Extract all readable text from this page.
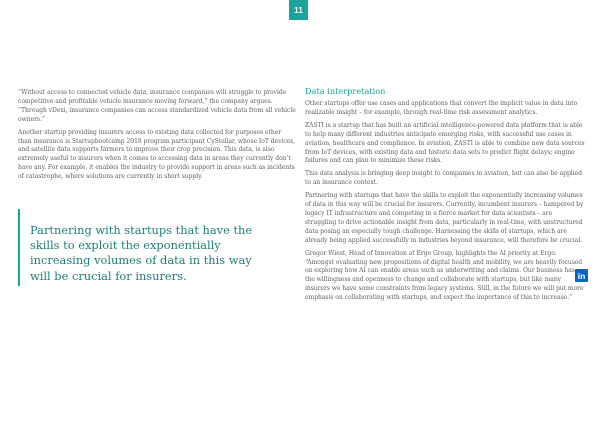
11

“Without access to connected vehicle data, insurance companies will struggle to provide competitive and profitable vehicle insurance moving forward,” the company argues. “Through vDexi, insurance companies can access standardized vehicle data from all vehicle owners.”

Another startup providing insurers access to existing data collected for purposes other than insurance is Startupbootcamp 2018 program participant CyStellar, whose IoT devices, and satellite data supports farmers to improve their crop precision. This data, is also extremely useful to insurers when it comes to accessing data in areas they currently don’t have any. For example, it enables the industry to provide support in areas such as incidents of catastrophe, where solutions are currently in short supply.

Partnering with startups that have the skills to exploit the exponentially increasing volumes of data in this way will be crucial for insurers.
Data interpretation

Other startups offer use cases and applications that convert the implicit value in data into realizable insight – for example, through real-time risk assessment analytics.

ZASTI is a startup that has built an artificial intelligence-powered data platform that is able to help many different industries anticipate emerging risks, with successful use cases in aviation, healthcare and compliance. In aviation, ZASTI is able to combine new data sources from IoT devices, with existing data and historic data sets to predict flight delays; engine failures and can plan to minimize these risks.

This data analysis is bringing deep insight to companies in aviation, but can also be applied to an insurance context.

Partnering with startups that have the skills to exploit the exponentially increasing volumes of data in this way will be crucial for insurers. Currently, incumbent insurers – hampered by legacy IT infrastructure and competing in a fierce market for data scientists – are struggling to drive actionable insight from data, particularly in real-time, with unstructured data posing an especially tough challenge. Harnessing the skills of startups, which are already being applied successfully in industries beyond insurance, will therefore be crucial.

Gregor Wiest, Head of Innovation at Ergo Group, highlights the AI priority at Ergo. “Amongst evaluating new propositions of digital health and mobility, we are heavily focused on exploring how AI can enable areas such as underwriting and claims. Our business has the willingness and openness to change and collaborate with startups, but like many insurers we have some constraints from legacy systems. Still, in the future we will put more emphasis on collaborating with startups, and expect the importance of this to increase.”

in
